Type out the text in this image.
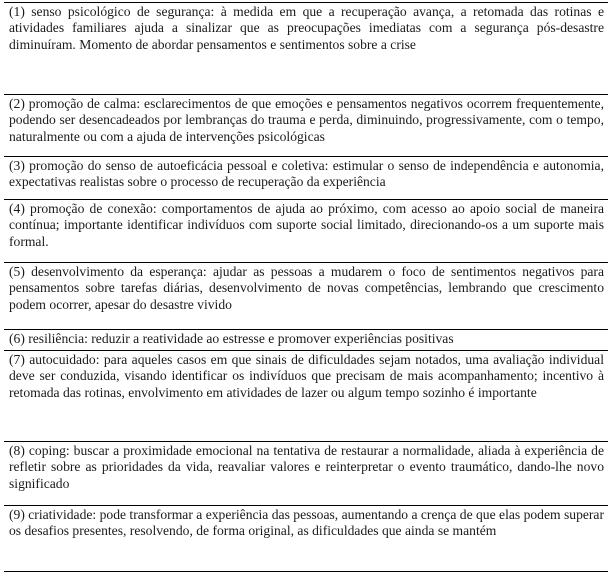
(1) senso psicológico de segurança: à medida em que a recuperação avança, a retomada das rotinas e atividades familiares ajuda a sinalizar que as preocupações imediatas com a segurança pós-desastre diminuíram. Momento de abordar pensamentos e sentimentos sobre a crise
(2) promoção de calma: esclarecimentos de que emoções e pensamentos negativos ocorrem frequentemente, podendo ser desencadeados por lembranças do trauma e perda, diminuindo, progressivamente, com o tempo, naturalmente ou com a ajuda de intervenções psicológicas
(3) promoção do senso de autoeficácia pessoal e coletiva: estimular o senso de independência e autonomia, expectativas realistas sobre o processo de recuperação da experiência
(4) promoção de conexão: comportamentos de ajuda ao próximo, com acesso ao apoio social de maneira contínua; importante identificar indivíduos com suporte social limitado, direcionando-os a um suporte mais formal.
(5) desenvolvimento da esperança: ajudar as pessoas a mudarem o foco de sentimentos negativos para pensamentos sobre tarefas diárias, desenvolvimento de novas competências, lembrando que crescimento podem ocorrer, apesar do desastre vivido
(6) resiliência: reduzir a reatividade ao estresse e promover experiências positivas
(7) autocuidado: para aqueles casos em que sinais de dificuldades sejam notados, uma avaliação individual deve ser conduzida, visando identificar os indivíduos que precisam de mais acompanhamento; incentivo à retomada das rotinas, envolvimento em atividades de lazer ou algum tempo sozinho é importante
(8) coping: buscar a proximidade emocional na tentativa de restaurar a normalidade, aliada à experiência de refletir sobre as prioridades da vida, reavaliar valores e reinterpretar o evento traumático, dando-lhe novo significado
(9) criatividade: pode transformar a experiência das pessoas, aumentando a crença de que elas podem superar os desafios presentes, resolvendo, de forma original, as dificuldades que ainda se mantém
